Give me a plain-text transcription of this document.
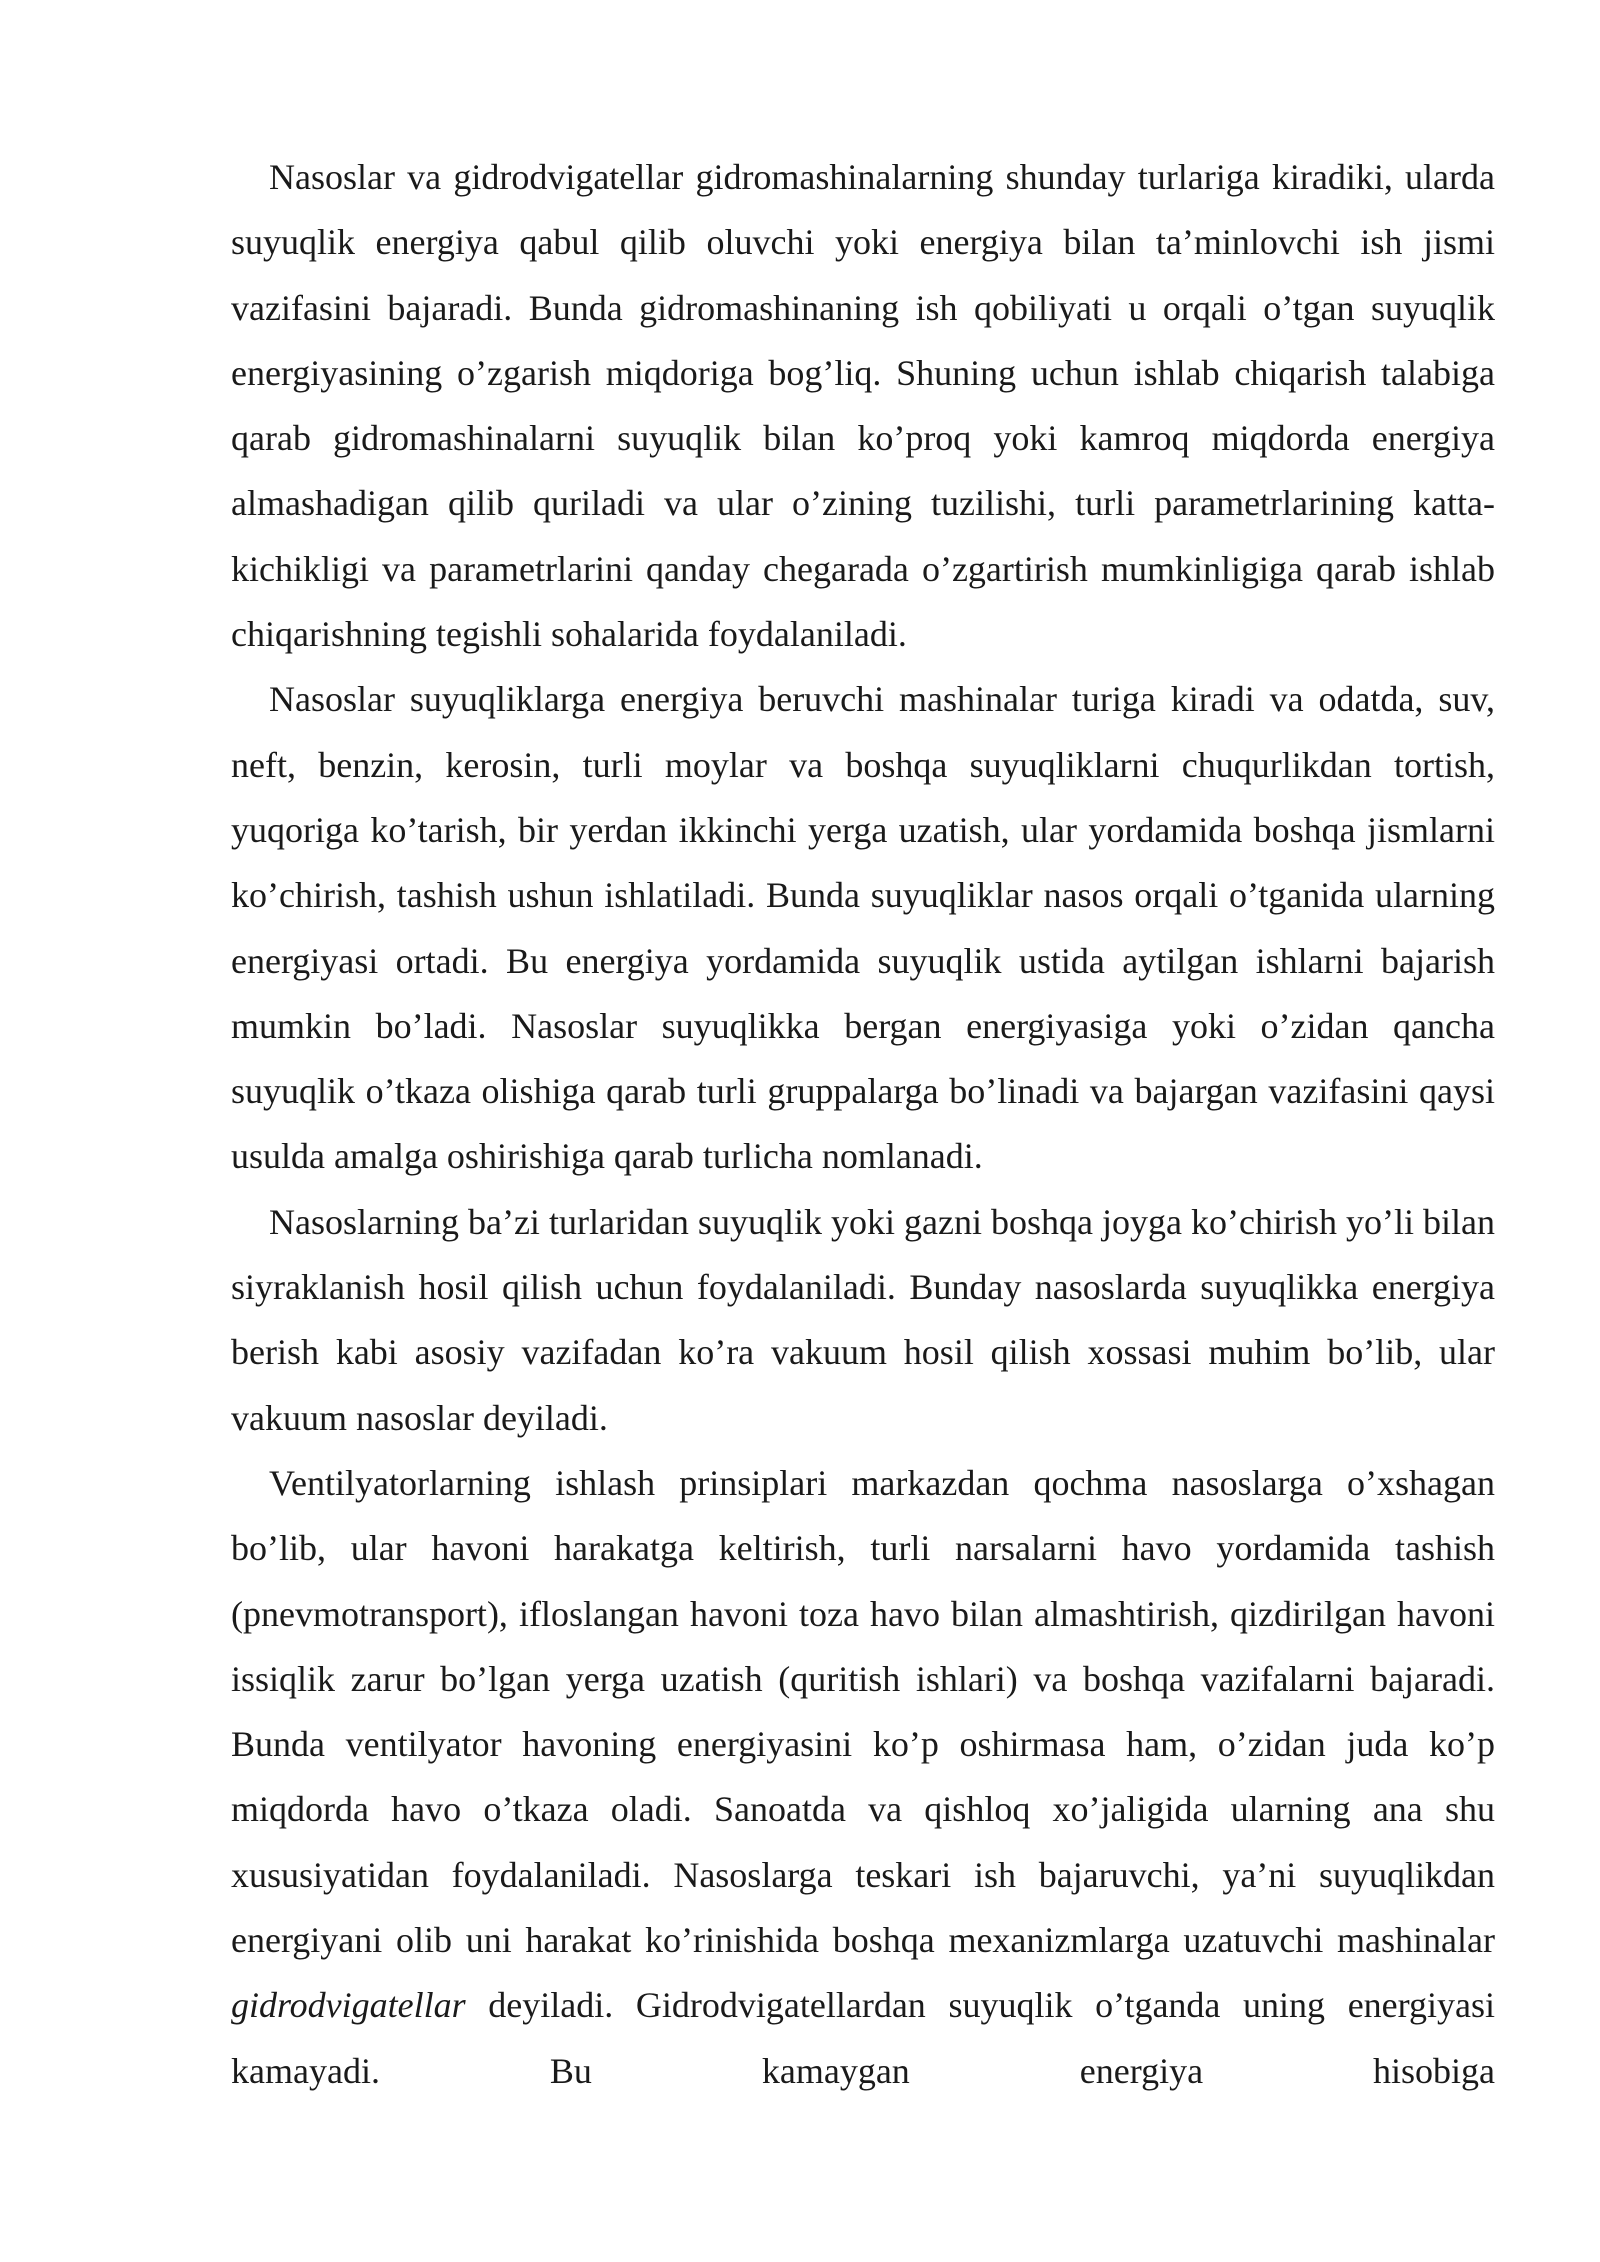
Nasoslar va gidrodvigatellar gidromashinalarning shunday turlariga kiradiki, ularda suyuqlik energiya qabul qilib oluvchi yoki energiya bilan ta’minlovchi ish jismi vazifasini bajaradi. Bunda gidromashinaning ish qobiliyati u orqali o’tgan suyuqlik energiyasining o’zgarish miqdoriga bog’liq. Shuning uchun ishlab chiqarish talabiga qarab gidromashinalarni suyuqlik bilan ko’proq yoki kamroq miqdorda energiya almashadigan qilib quriladi va ular o’zining tuzilishi, turli parametrlarining katta-kichikligi va parametrlarini qanday chegarada o’zgartirish mumkinligiga qarab ishlab chiqarishning tegishli sohalarida foydalaniladi.

Nasoslar suyuqliklarga energiya beruvchi mashinalar turiga kiradi va odatda, suv, neft, benzin, kerosin, turli moylar va boshqa suyuqliklarni chuqurlikdan tortish, yuqoriga ko’tarish, bir yerdan ikkinchi yerga uzatish, ular yordamida boshqa jismlarni ko’chirish, tashish ushun ishlatiladi. Bunda suyuqliklar nasos orqali o’tganida ularning energiyasi ortadi. Bu energiya yordamida suyuqlik ustida aytilgan ishlarni bajarish mumkin bo’ladi. Nasoslar suyuqlikka bergan energiyasiga yoki o’zidan qancha suyuqlik o’tkaza olishiga qarab turli gruppalarga bo’linadi va bajargan vazifasini qaysi usulda amalga oshirishiga qarab turlicha nomlanadi.

Nasoslarning ba’zi turlaridan suyuqlik yoki gazni boshqa joyga ko’chirish yo’li bilan siyraklanish hosil qilish uchun foydalaniladi. Bunday nasoslarda suyuqlikka energiya berish kabi asosiy vazifadan ko’ra vakuum hosil qilish xossasi muhim bo’lib, ular vakuum nasoslar deyiladi.

Ventilyatorlarning ishlash prinsiplari markazdan qochma nasoslarga o’xshagan bo’lib, ular havoni harakatga keltirish, turli narsalarni havo yordamida tashish (pnevmotransport), ifloslangan havoni toza havo bilan almashtirish, qizdirilgan havoni issiqlik zarur bo’lgan yerga uzatish (quritish ishlari) va boshqa vazifalarni bajaradi. Bunda ventilyator havoning energiyasini ko’p oshirmasa ham, o’zidan juda ko’p miqdorda havo o’tkaza oladi. Sanoatda va qishloq xo’jaligida ularning ana shu xususiyatidan foydalaniladi. Nasoslarga teskari ish bajaruvchi, ya’ni suyuqlikdan energiyani olib uni harakat ko’rinishida boshqa mexanizmlarga uzatuvchi mashinalar gidrodvigatellar deyiladi. Gidrodvigatellardan suyuqlik o’tganda uning energiyasi kamayadi. Bu kamaygan energiya hisobiga
